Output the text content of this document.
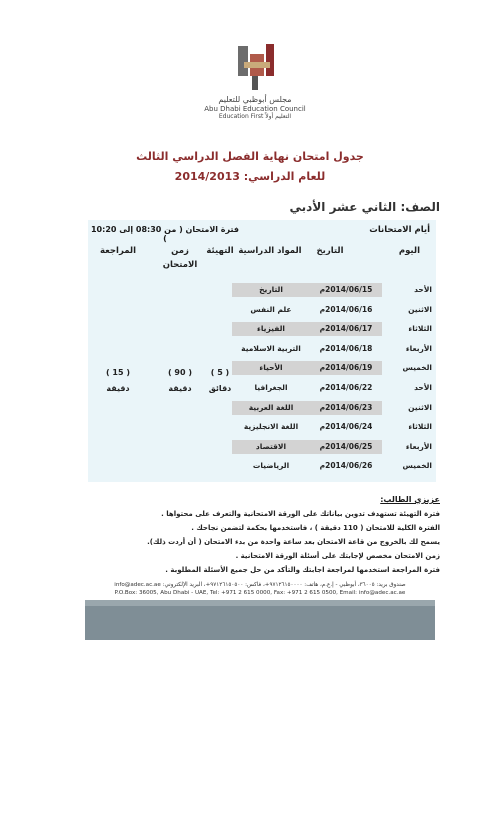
مجلس أبوظبي للتعليم
Abu Dhabi Education Council
Education First التعليم أولاً
جدول امتحان نهاية الفصل الدراسي الثالث
للعام الدراسي: 2014/2013
الصف: الثاني عشر الأدبي
أيام الامتحانات
فترة الامتحان ( من 08:30 إلى 10:20 )
اليوم
التاريخ
المواد الدراسية
التهيئة
زمن
الامتحان
المراجعة
الأحد
2014/06/15م
التاريخ
الاثنين
2014/06/16م
علم النفس
الثلاثاء
2014/06/17م
الفيزياء
الأربعاء
2014/06/18م
التربية الاسلامية
الخميس
2014/06/19م
الأحياء
الأحد
2014/06/22م
الجغرافيا
الاثنين
2014/06/23م
اللغة العربية
الثلاثاء
2014/06/24م
اللغة الانجليزية
الأربعاء
2014/06/25م
الاقتصاد
الخميس
2014/06/26م
الرياضيات
( 5 )
دقائق
( 90 )
دقيقة
( 15 )
دقيقة
عزيزي الطالب:
فترة التهيئة تستهدف تدوين بياناتك على الورقة الامتحانية والتعرف على محتواها .
الفترة الكلية للامتحان ( 110 دقيقة ) ، فاستخدمها بحكمة لتضمن نجاحك .
يسمح لك بالخروج من قاعة الامتحان بعد ساعة واحدة من بدء الامتحان ( أن أردت ذلك).
زمن الامتحان مخصص لإجابتك على أسئلة الورقة الامتحانية .
فترة المراجعة استخدمها لمراجعة اجابتك والتأكد من حل جميع الأسئلة المطلوبة .
صندوق بريد: ٣٦٠٠٥، أبوظبي - إ.ع.م، هاتف: ٩٧١٢٦١٥٠٠٠٠+، فاكس: ٩٧١٢٦١٥٠٥٠٠+، البريد الإلكتروني: info@adec.ac.ae
P.O.Box: 36005, Abu Dhabi - UAE, Tel: +971 2 615 0000, Fax: +971 2 615 0500, Email: info@adec.ac.ae
